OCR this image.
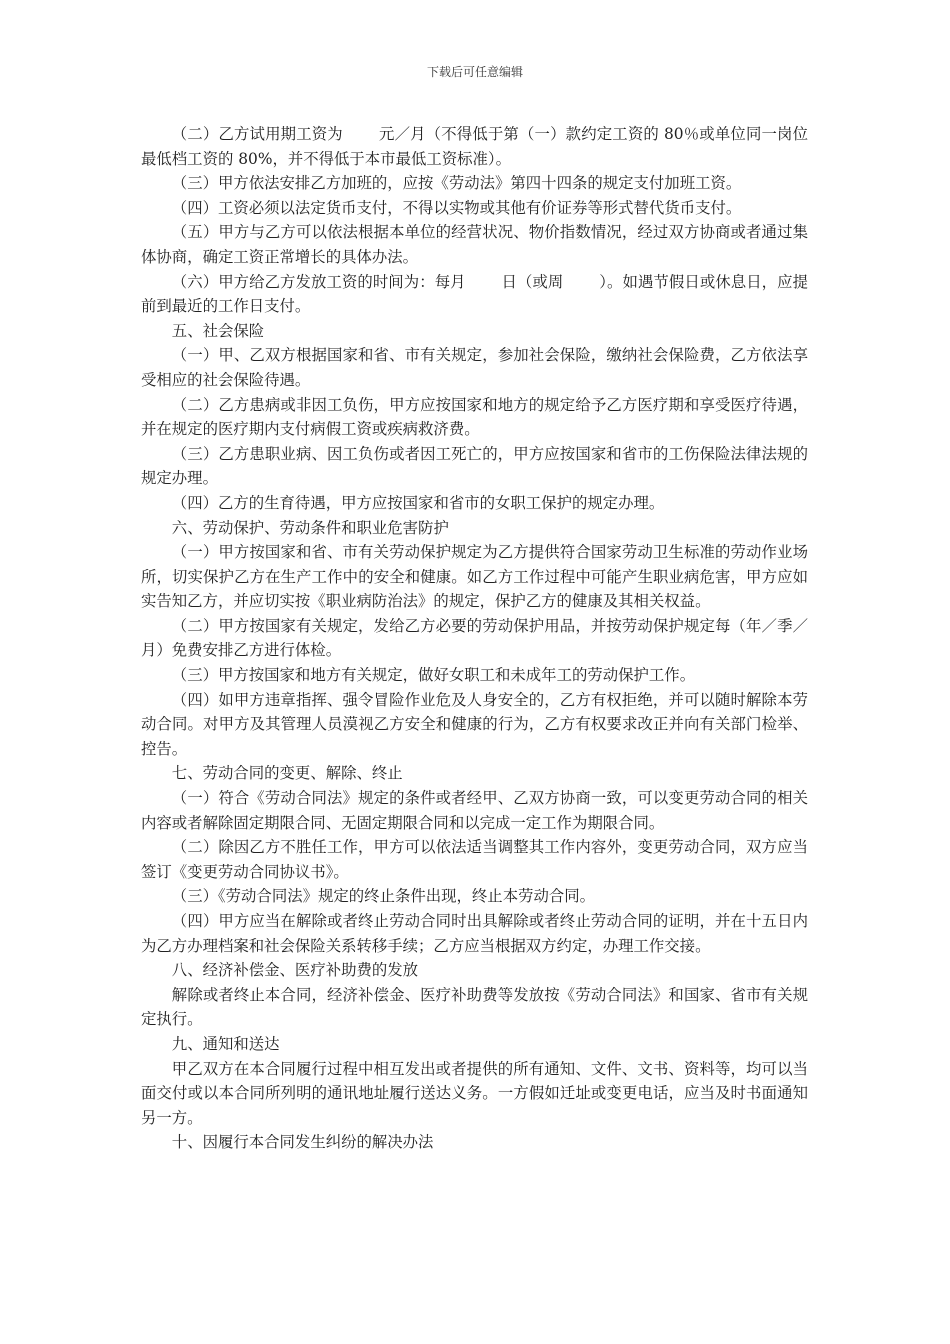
下载后可任意编辑

（二）乙方试用期工资为　　 元／月（不得低于第（一）款约定工资的 80％或单位同一岗位最低档工资的 80%，并不得低于本市最低工资标准）。

（三）甲方依法安排乙方加班的，应按《劳动法》第四十四条的规定支付加班工资。

（四）工资必须以法定货币支付，不得以实物或其他有价证券等形式替代货币支付。

（五）甲方与乙方可以依法根据本单位的经营状况、物价指数情况，经过双方协商或者通过集体协商，确定工资正常增长的具体办法。

（六）甲方给乙方发放工资的时间为：每月　　 日（或周　　 ）。如遇节假日或休息日，应提前到最近的工作日支付。

五、社会保险

（一）甲、乙双方根据国家和省、市有关规定，参加社会保险，缴纳社会保险费，乙方依法享受相应的社会保险待遇。

（二）乙方患病或非因工负伤，甲方应按国家和地方的规定给予乙方医疗期和享受医疗待遇，并在规定的医疗期内支付病假工资或疾病救济费。

（三）乙方患职业病、因工负伤或者因工死亡的，甲方应按国家和省市的工伤保险法律法规的规定办理。

（四）乙方的生育待遇，甲方应按国家和省市的女职工保护的规定办理。

六、劳动保护、劳动条件和职业危害防护

（一）甲方按国家和省、市有关劳动保护规定为乙方提供符合国家劳动卫生标准的劳动作业场所，切实保护乙方在生产工作中的安全和健康。如乙方工作过程中可能产生职业病危害，甲方应如实告知乙方，并应切实按《职业病防治法》的规定，保护乙方的健康及其相关权益。

（二）甲方按国家有关规定，发给乙方必要的劳动保护用品，并按劳动保护规定每（年／季／月）免费安排乙方进行体检。

（三）甲方按国家和地方有关规定，做好女职工和未成年工的劳动保护工作。

（四）如甲方违章指挥、强令冒险作业危及人身安全的，乙方有权拒绝，并可以随时解除本劳动合同。对甲方及其管理人员漠视乙方安全和健康的行为，乙方有权要求改正并向有关部门检举、控告。

七、劳动合同的变更、解除、终止

（一）符合《劳动合同法》规定的条件或者经甲、乙双方协商一致，可以变更劳动合同的相关内容或者解除固定期限合同、无固定期限合同和以完成一定工作为期限合同。

（二）除因乙方不胜任工作，甲方可以依法适当调整其工作内容外，变更劳动合同，双方应当签订《变更劳动合同协议书》。

（三）《劳动合同法》规定的终止条件出现，终止本劳动合同。

（四）甲方应当在解除或者终止劳动合同时出具解除或者终止劳动合同的证明，并在十五日内为乙方办理档案和社会保险关系转移手续；乙方应当根据双方约定，办理工作交接。

八、经济补偿金、医疗补助费的发放

解除或者终止本合同，经济补偿金、医疗补助费等发放按《劳动合同法》和国家、省市有关规定执行。

九、通知和送达

甲乙双方在本合同履行过程中相互发出或者提供的所有通知、文件、文书、资料等，均可以当面交付或以本合同所列明的通讯地址履行送达义务。一方假如迁址或变更电话，应当及时书面通知另一方。

十、因履行本合同发生纠纷的解决办法
